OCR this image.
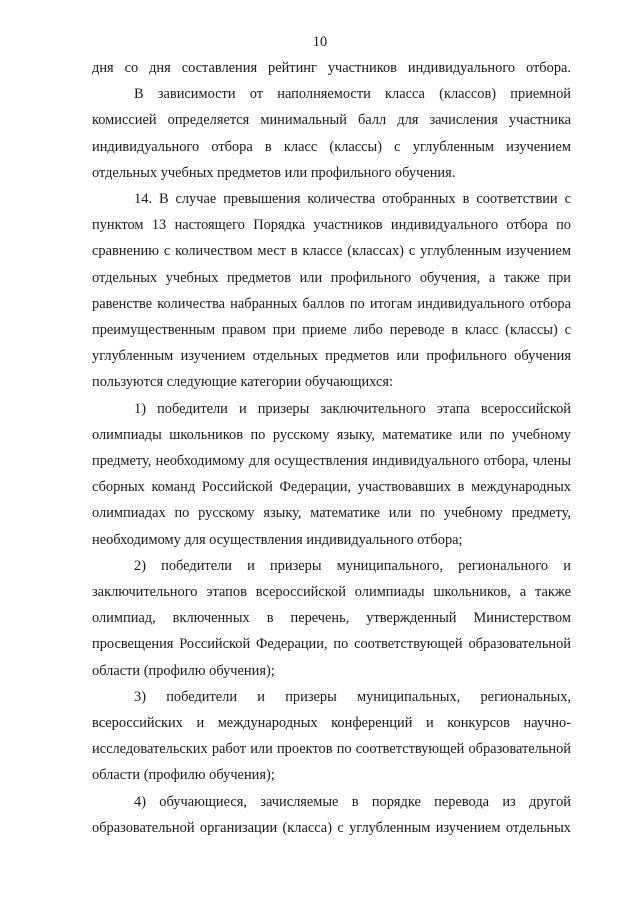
10

дня со дня составления рейтинг участников индивидуального отбора.

В зависимости от наполняемости класса (классов) приемной комиссией определяется минимальный балл для зачисления участника индивидуального отбора в класс (классы) с углубленным изучением отдельных учебных предметов или профильного обучения.

14. В случае превышения количества отобранных в соответствии с пунктом 13 настоящего Порядка участников индивидуального отбора по сравнению с количеством мест в классе (классах) с углубленным изучением отдельных учебных предметов или профильного обучения, а также при равенстве количества набранных баллов по итогам индивидуального отбора преимущественным правом при приеме либо переводе в класс (классы) с углубленным изучением отдельных предметов или профильного обучения пользуются следующие категории обучающихся:

1) победители и призеры заключительного этапа всероссийской олимпиады школьников по русскому языку, математике или по учебному предмету, необходимому для осуществления индивидуального отбора, члены сборных команд Российской Федерации, участвовавших в международных олимпиадах по русскому языку, математике или по учебному предмету, необходимому для осуществления индивидуального отбора;

2) победители и призеры муниципального, регионального и заключительного этапов всероссийской олимпиады школьников, а также олимпиад, включенных в перечень, утвержденный Министерством просвещения Российской Федерации, по соответствующей образовательной области (профилю обучения);

3) победители и призеры муниципальных, региональных, всероссийских и международных конференций и конкурсов научно-исследовательских работ или проектов по соответствующей образовательной области (профилю обучения);

4) обучающиеся, зачисляемые в порядке перевода из другой образовательной организации (класса) с углубленным изучением отдельных
